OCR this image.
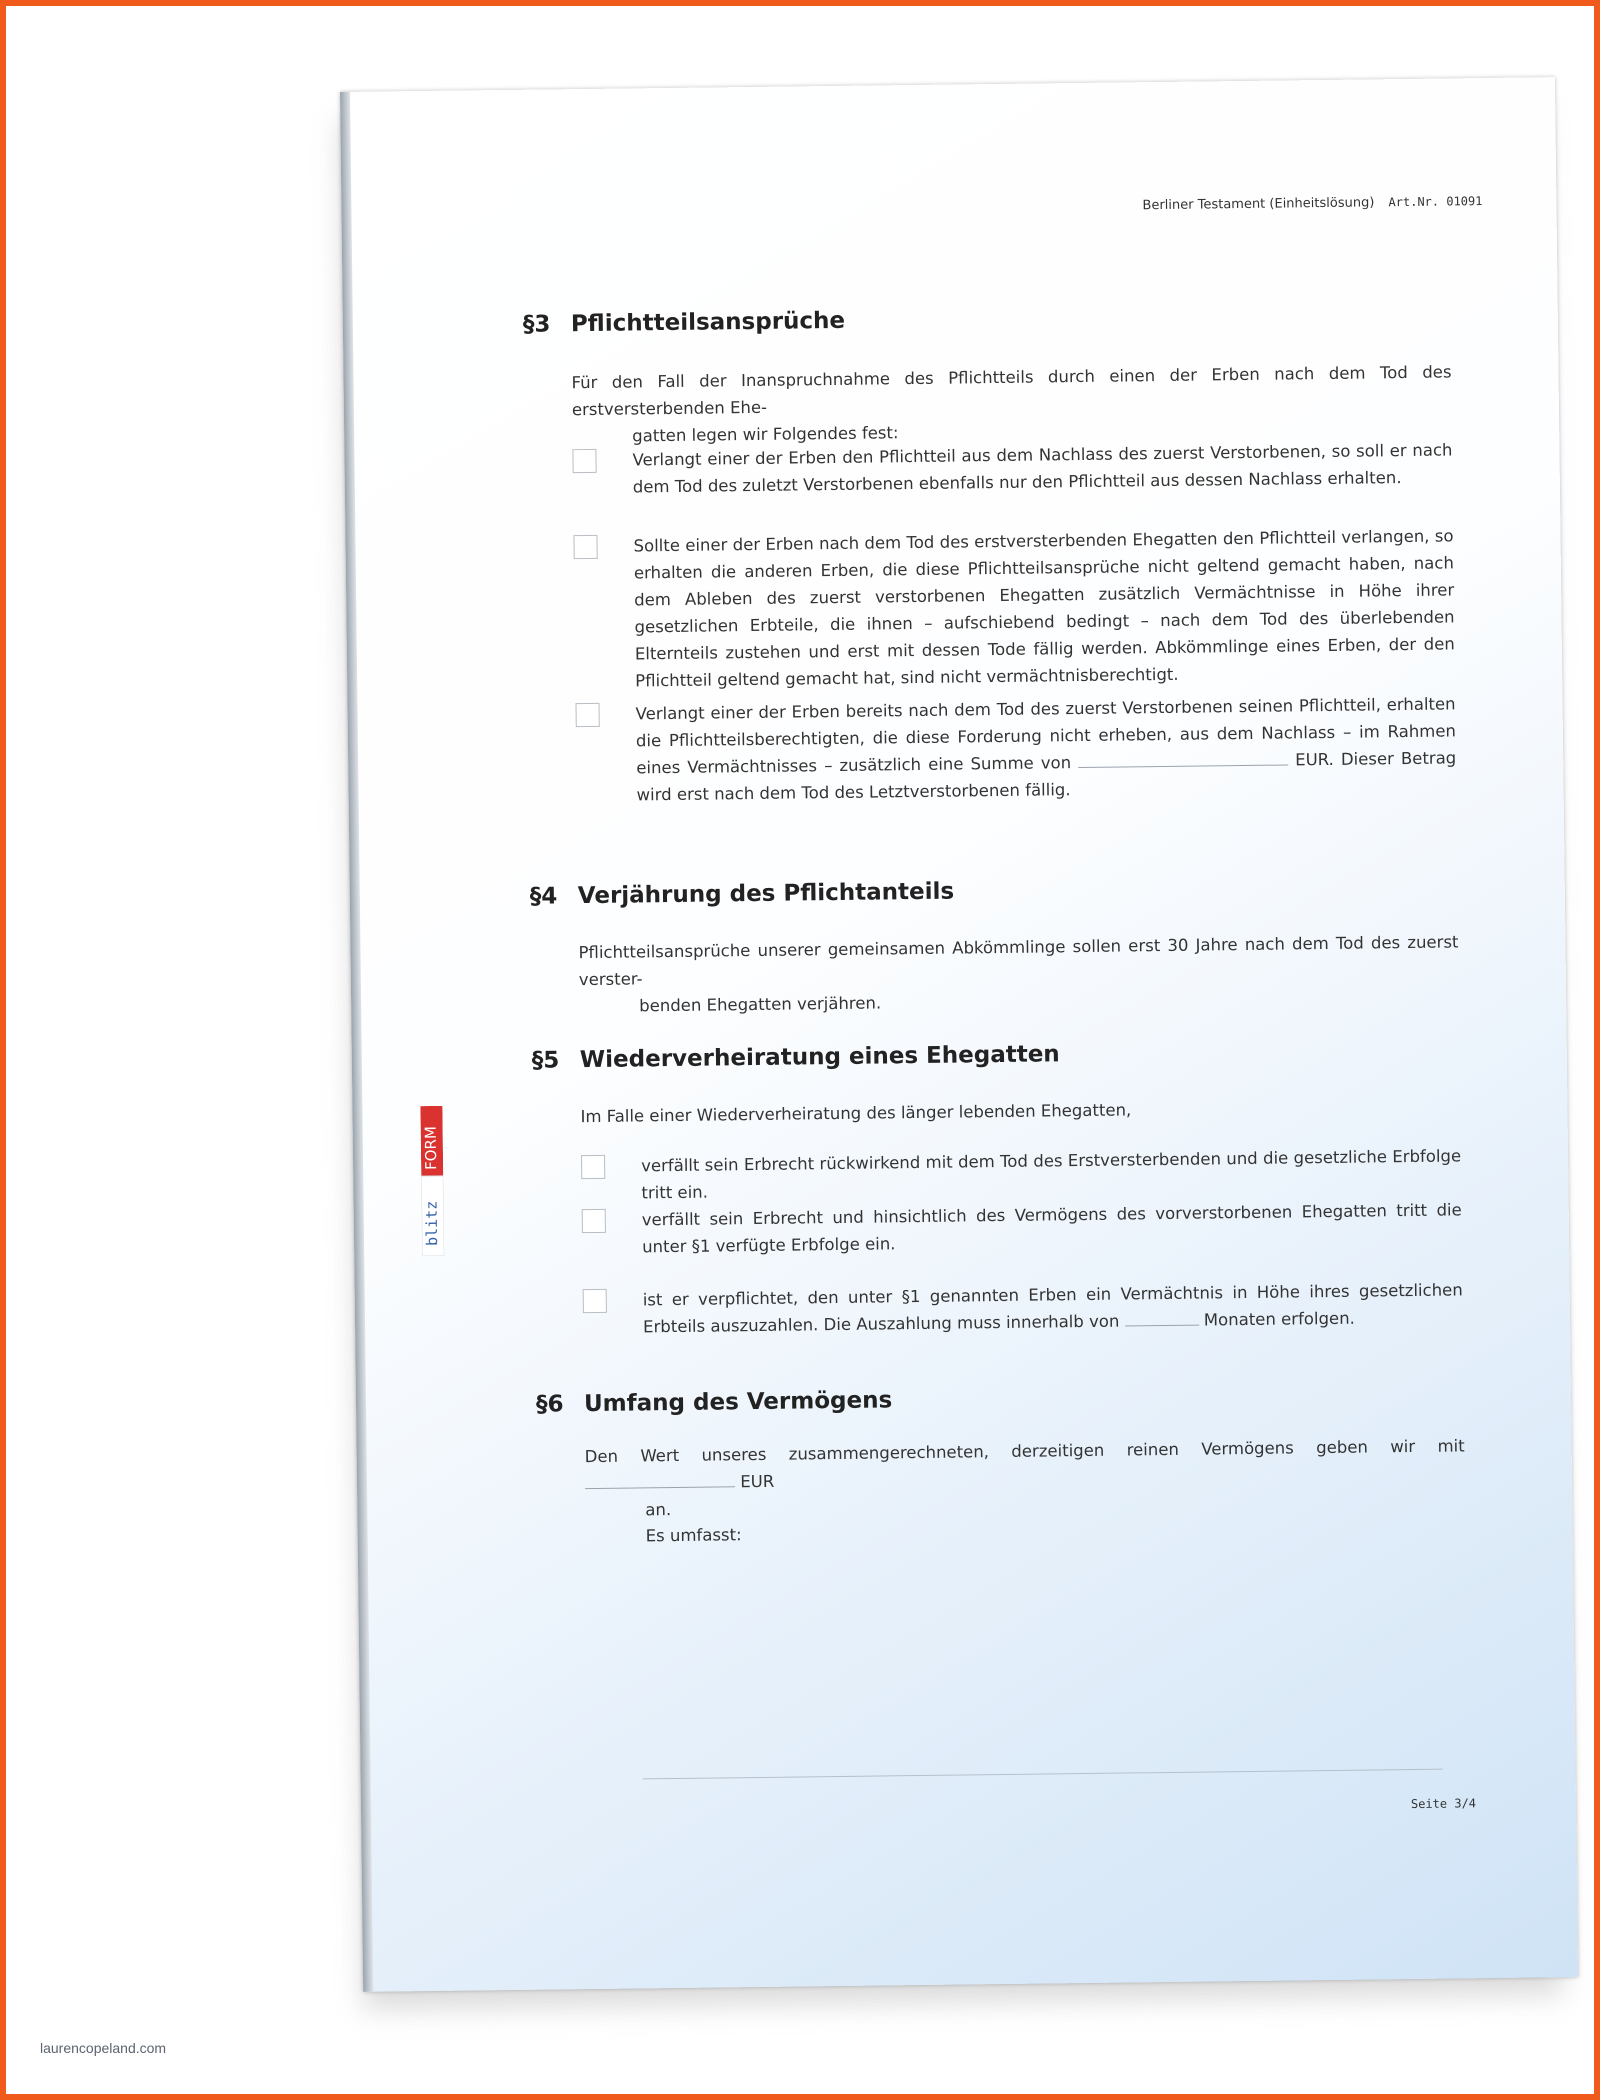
Berliner Testament (Einheitslösung) Art.Nr. 01091
FORM
blitz
§3 Pflichtteilsansprüche
Für den Fall der Inanspruchnahme des Pflichtteils durch einen der Erben nach dem Tod des erstversterbenden Ehe-
gatten legen wir Folgendes fest:
Verlangt einer der Erben den Pflichtteil aus dem Nachlass des zuerst Verstorbenen, so soll er nach dem Tod des zuletzt Verstorbenen ebenfalls nur den Pflichtteil aus dessen Nachlass erhalten.
Sollte einer der Erben nach dem Tod des erstversterbenden Ehegatten den Pflichtteil verlangen, so erhalten die anderen Erben, die diese Pflichtteilsansprüche nicht geltend gemacht haben, nach dem Ableben des zuerst verstorbenen Ehegatten zusätzlich Vermächtnisse in Höhe ihrer gesetzlichen Erbteile, die ihnen – aufschiebend bedingt – nach dem Tod des überlebenden Elternteils zustehen und erst mit dessen Tode fällig werden. Abkömmlinge eines Erben, der den Pflichtteil geltend gemacht hat, sind nicht vermächtnisberechtigt.
Verlangt einer der Erben bereits nach dem Tod des zuerst Verstorbenen seinen Pflichtteil, erhalten die Pflichtteilsberechtigten, die diese Forderung nicht erheben, aus dem Nachlass – im Rahmen eines Vermächtnisses – zusätzlich eine Summe von	EUR. Dieser Betrag wird erst nach dem Tod des Letztverstorbenen fällig.
§4 Verjährung des Pflichtanteils
Pflichtteilsansprüche unserer gemeinsamen Abkömmlinge sollen erst 30 Jahre nach dem Tod des zuerst verster-
benden Ehegatten verjähren.
§5 Wiederverheiratung eines Ehegatten
Im Falle einer Wiederverheiratung des länger lebenden Ehegatten,
verfällt sein Erbrecht rückwirkend mit dem Tod des Erstversterbenden und die gesetzliche Erbfolge tritt ein.
verfällt sein Erbrecht und hinsichtlich des Vermögens des vorverstorbenen Ehegatten tritt die unter §1 verfügte Erbfolge ein.
ist er verpflichtet, den unter §1 genannten Erben ein Vermächtnis in Höhe ihres gesetzlichen Erbteils auszuzahlen. Die Auszahlung muss innerhalb von	Monaten erfolgen.
§6 Umfang des Vermögens
Den Wert unseres zusammengerechneten, derzeitigen reinen Vermögens geben wir mit  EUR
an.
Es umfasst:
Seite 3/4
laurencopeland.com
